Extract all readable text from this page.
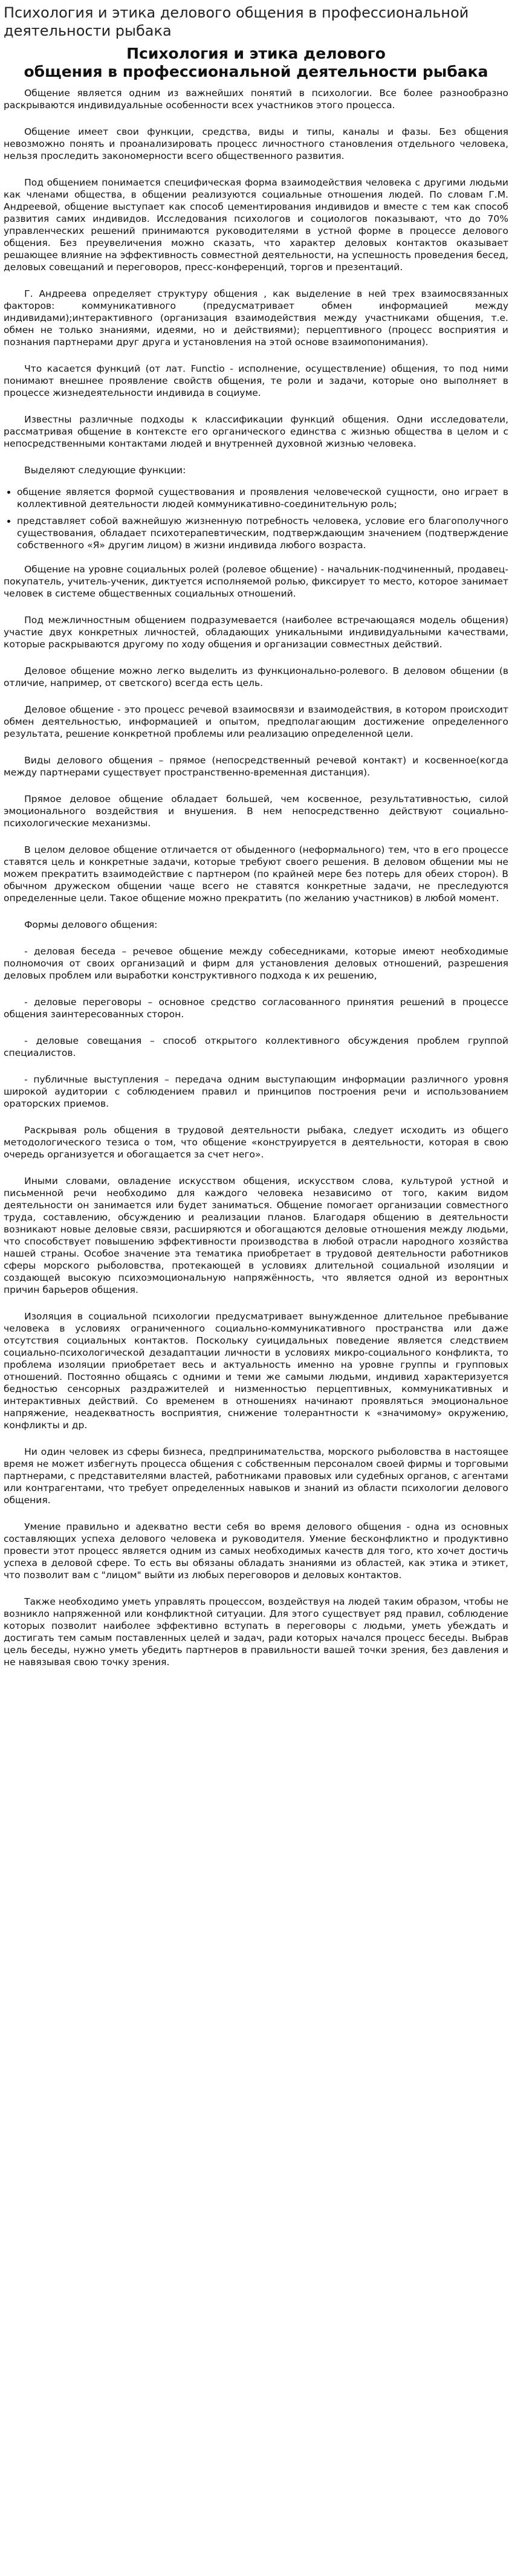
Психология и этика делового общения в профессиональной деятельности рыбака
Психология и этика делового
общения в профессиональной деятельности рыбака

Общение является одним из важнейших понятий в психологии. Все более разнообразно раскрываются индивидуальные особенности всех участников этого процесса.

Общение имеет свои функции, средства, виды и типы, каналы и фазы. Без общения невозможно понять и проанализировать процесс личностного становления отдельного человека, нельзя проследить закономерности всего общественного развития.

Под общением понимается специфическая форма взаимодействия человека с другими людьми как членами общества, в общении реализуются социальные отношения людей. По словам Г.М. Андреевой, общение выступает как способ цементирования индивидов и вместе с тем как способ развития самих индивидов. Исследования психологов и социологов показывают, что до 70% управленческих решений принимаются руководителями в устной форме в процессе делового общения. Без преувеличения можно сказать, что характер деловых контактов оказывает решающее влияние на эффективность совместной деятельности, на успешность проведения бесед, деловых совещаний и переговоров, пресс-конференций, торгов и презентаций.

Г. Андреева определяет структуру общения , как выделение в ней трех взаимосвязанных факторов: коммуникативного (предусматривает обмен информацией между индивидами);интерактивного (организация взаимодействия между участниками общения, т.е. обмен не только знаниями, идеями, но и действиями); перцептивного (процесс восприятия и познания партнерами друг друга и установления на этой основе взаимопонимания).

Что касается функций (от лат. Functio - исполнение, осуществление) общения, то под ними понимают внешнее проявление свойств общения, те роли и задачи, которые оно выполняет в процессе жизнедеятельности индивида в социуме.

Известны различные подходы к классификации функций общения. Одни исследователи, рассматривая общение в контексте его органического единства с жизнью общества в целом и с непосредственными контактами людей и внутренней духовной жизнью человека.

Выделяют следующие функции:

• общение является формой существования и проявления человеческой сущности, оно играет в коллективной деятельности людей коммуникативно-соединительную роль;
• представляет собой важнейшую жизненную потребность человека, условие его благополучного существования, обладает психотерапевтическим, подтверждающим значением (подтверждение собственного «Я» другим лицом) в жизни индивида любого возраста.

Общение на уровне социальных ролей (ролевое общение) - начальник-подчиненный, продавец-покупатель, учитель-ученик, диктуется исполняемой ролью, фиксирует то место, которое занимает человек в системе общественных социальных отношений.

Под межличностным общением подразумевается (наиболее встречающаяся модель общения) участие двух конкретных личностей, обладающих уникальными индивидуальными качествами, которые раскрываются другому по ходу общения и организации совместных действий.

Деловое общение можно легко выделить из функционально-ролевого. В деловом общении (в отличие, например, от светского) всегда есть цель.

Деловое общение - это процесс речевой взаимосвязи и взаимодействия, в котором происходит обмен деятельностью, информацией и опытом, предполагающим достижение определенного результата, решение конкретной проблемы или реализацию определенной цели.

Виды делового общения – прямое (непосредственный речевой контакт) и косвенное(когда между партнерами существует пространственно-временная дистанция).

Прямое деловое общение обладает большей, чем косвенное, результативностью, силой эмоционального воздействия и внушения. В нем непосредственно действуют социально-психологические механизмы.

В целом деловое общение отличается от обыденного (неформального) тем, что в его процессе ставятся цель и конкретные задачи, которые требуют своего решения. В деловом общении мы не можем прекратить взаимодействие с партнером (по крайней мере без потерь для обеих сторон). В обычном дружеском общении чаще всего не ставятся конкретные задачи, не преследуются определенные цели. Такое общение можно прекратить (по желанию участников) в любой момент.

Формы делового общения:

- деловая беседа – речевое общение между собеседниками, которые имеют необходимые полномочия от своих организаций и фирм для установления деловых отношений, разрешения деловых проблем или выработки конструктивного подхода к их решению,

- деловые переговоры – основное средство согласованного принятия решений в процессе общения заинтересованных сторон.

- деловые совещания – способ открытого коллективного обсуждения проблем группой специалистов.

- публичные выступления – передача одним выступающим информации различного уровня широкой аудитории с соблюдением правил и принципов построения речи и использованием ораторских приемов.

Раскрывая роль общения в трудовой деятельности рыбака, следует исходить из общего методологического тезиса о том, что общение «конструируется в деятельности, которая в свою очередь организуется и обогащается за счет него».

Иными словами, овладение искусством общения, искусством слова, культурой устной и письменной речи необходимо для каждого человека независимо от того, каким видом деятельности он занимается или будет заниматься. Общение помогает организации совместного труда, составлению, обсуждению и реализации планов. Благодаря общению в деятельности возникают новые деловые связи, расширяются и обогащаются деловые отношения между людьми, что способствует повышению эффективности производства в любой отрасли народного хозяйства нашей страны. Особое значение эта тематика приобретает в трудовой деятельности работников сферы морского рыболовства, протекающей в условиях длительной социальной изоляции и создающей высокую психоэмоциональную напряжённость, что является одной из веронтных причин барьеров общения.

Изоляция в социальной психологии предусматривает вынужденное длительное пребывание человека в условиях ограниченного социально-коммуникативного пространства или даже отсутствия социальных контактов. Поскольку суицидальных поведение является следствием социально-психологической дезадаптации личности в условиях микро-социального конфликта, то проблема изоляции приобретает весь и актуальность именно на уровне группы и групповых отношений. Постоянно общаясь с одними и теми же самыми людьми, индивид характеризуется бедностью сенсорных раздражителей и низменностью перцептивных, коммуникативных и интерактивных действий. Со временем в отношениях начинают проявляться эмоциональное напряжение, неадекватность восприятия, снижение толерантности к «значимому» окружению, конфликты и др.

Ни один человек из сферы бизнеса, предпринимательства, морского рыболовства в настоящее время не может избегнуть процесса общения с собственным персоналом своей фирмы и торговыми партнерами, с представителями властей, работниками правовых или судебных органов, с агентами или контрагентами, что требует определенных навыков и знаний из области психологии делового общения.

Умение правильно и адекватно вести себя во время делового общения - одна из основных составляющих успеха делового человека и руководителя. Умение бесконфликтно и продуктивно провести этот процесс является одним из самых необходимых качеств для того, кто хочет достичь успеха в деловой сфере. То есть вы обязаны обладать знаниями из областей, как этика и этикет, что позволит вам с "лицом" выйти из любых переговоров и деловых контактов.

Также необходимо уметь управлять процессом, воздействуя на людей таким образом, чтобы не возникло напряженной или конфликтной ситуации. Для этого существует ряд правил, соблюдение которых позволит наиболее эффективно вступать в переговоры с людьми, уметь убеждать и достигать тем самым поставленных целей и задач, ради которых начался процесс беседы. Выбрав цель беседы, нужно уметь убедить партнеров в правильности вашей точки зрения, без давления и не навязывая свою точку зрения.
